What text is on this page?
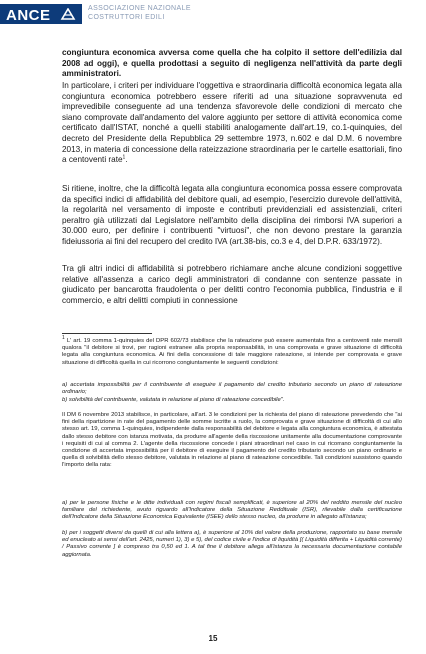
ANCE	ASSOCIAZIONE NAZIONALE
COSTRUTTORI EDILI
congiuntura economica avversa come quella che ha colpito il settore dell'edilizia dal 2008 ad oggi), e quella prodottasi a seguito di negligenza nell'attività da parte degli amministratori.
In particolare, i criteri per individuare l'oggettiva e straordinaria difficoltà economica legata alla congiuntura economica potrebbero essere riferiti ad una situazione sopravvenuta ed imprevedibile conseguente ad una tendenza sfavorevole delle condizioni di mercato che siano comprovate dall'andamento del valore aggiunto per settore di attività economica come certificato dall'ISTAT, nonché a quelli stabiliti analogamente dall'art.19, co.1-quinquies, del decreto del Presidente della Repubblica 29 settembre 1973, n.602 e dal D.M. 6 novembre 2013, in materia di concessione della rateizzazione straordinaria per le cartelle esattoriali, fino a centoventi rate$^1$.
Si ritiene, inoltre, che la difficoltà legata alla congiuntura economica possa essere comprovata da specifici indici di affidabilità del debitore quali, ad esempio, l'esercizio durevole dell'attività, la regolarità nel versamento di imposte e contributi previdenziali ed assistenziali, criteri peraltro già utilizzati dal Legislatore nell'ambito della disciplina dei rimborsi IVA superiori a 30.000 euro, per definire i contribuenti "virtuosi", che non devono prestare la garanzia fideiussoria ai fini del recupero del credito IVA (art.38-bis, co.3 e 4, del D.P.R. 633/1972).
Tra gli altri indici di affidabilità si potrebbero richiamare anche alcune condizioni soggettive relative all'assenza a carico degli amministratori di condanne con sentenze passate in giudicato per bancarotta fraudolenta o per delitti contro l'economia pubblica, l'industria e il commercio, e altri delitti compiuti in connessione
$^1$ L' art. 19 comma 1-quinquies del DPR 602/73 stabilisce che la rateazione può essere aumentata fino a centoventi rate mensili qualora "il debitore si trovi, per ragioni estranee alla propria responsabilità, in una comprovata e grave situazione di difficoltà legata alla congiuntura economica. Ai fini della concessione di tale maggiore rateazione, si intende per comprovata e grave situazione di difficoltà quella in cui ricorrono congiuntamente le seguenti condizioni:
a) accertata impossibilità per il contribuente di eseguire il pagamento del credito tributario secondo un piano di rateazione ordinario;
b) solvibilità del contribuente, valutata in relazione al piano di rateazione concedibile".
Il DM 6 novembre 2013 stabilisce, in particolare, all'art. 3 le condizioni per la richiesta del piano di rateazione prevedendo che "ai fini della ripartizione in rate del pagamento delle somme iscritte a ruolo, la comprovata e grave situazione di difficoltà di cui allo stesso art. 19, comma 1-quinquies, indipendente dalla responsabilità del debitore e legata alla congiuntura economica, è attestata dallo stesso debitore con istanza motivata, da produrre all'agente della riscossione unitamente alla documentazione comprovante i requisiti di cui al comma 2. L'agente della riscossione concede i piani straordinari nel caso in cui ricorrano congiuntamente la condizione di accertata impossibilità per il debitore di eseguire il pagamento del credito tributario secondo un piano ordinario e quella di solvibilità dello stesso debitore, valutata in relazione al piano di rateazione concedibile. Tali condizioni sussistono quando l'importo della rata:
a) per le persone fisiche e le ditte individuali con regimi fiscali semplificati, è superiore al 20% del reddito mensile del nucleo familiare del richiedente, avuto riguardo all'Indicatore della Situazione Reddituale (ISR), rilevabile dalla certificazione dell'Indicatore della Situazione Economica Equivalente (ISEE) dello stesso nucleo, da produrre in allegato all'istanza;
b) per i soggetti diversi da quelli di cui alla lettera a), è superiore al 10% del valore della produzione, rapportato su base mensile ed enucleato ai sensi dell'art. 2425, numeri 1), 3) e 5), del codice civile e l'indice di liquidità [( Liquidità differita + Liquidità corrente) / Passivo corrente ] è compreso tra 0,50 ed 1. A tal fine il debitore allega all'istanza la necessaria documentazione contabile aggiornata.
15
